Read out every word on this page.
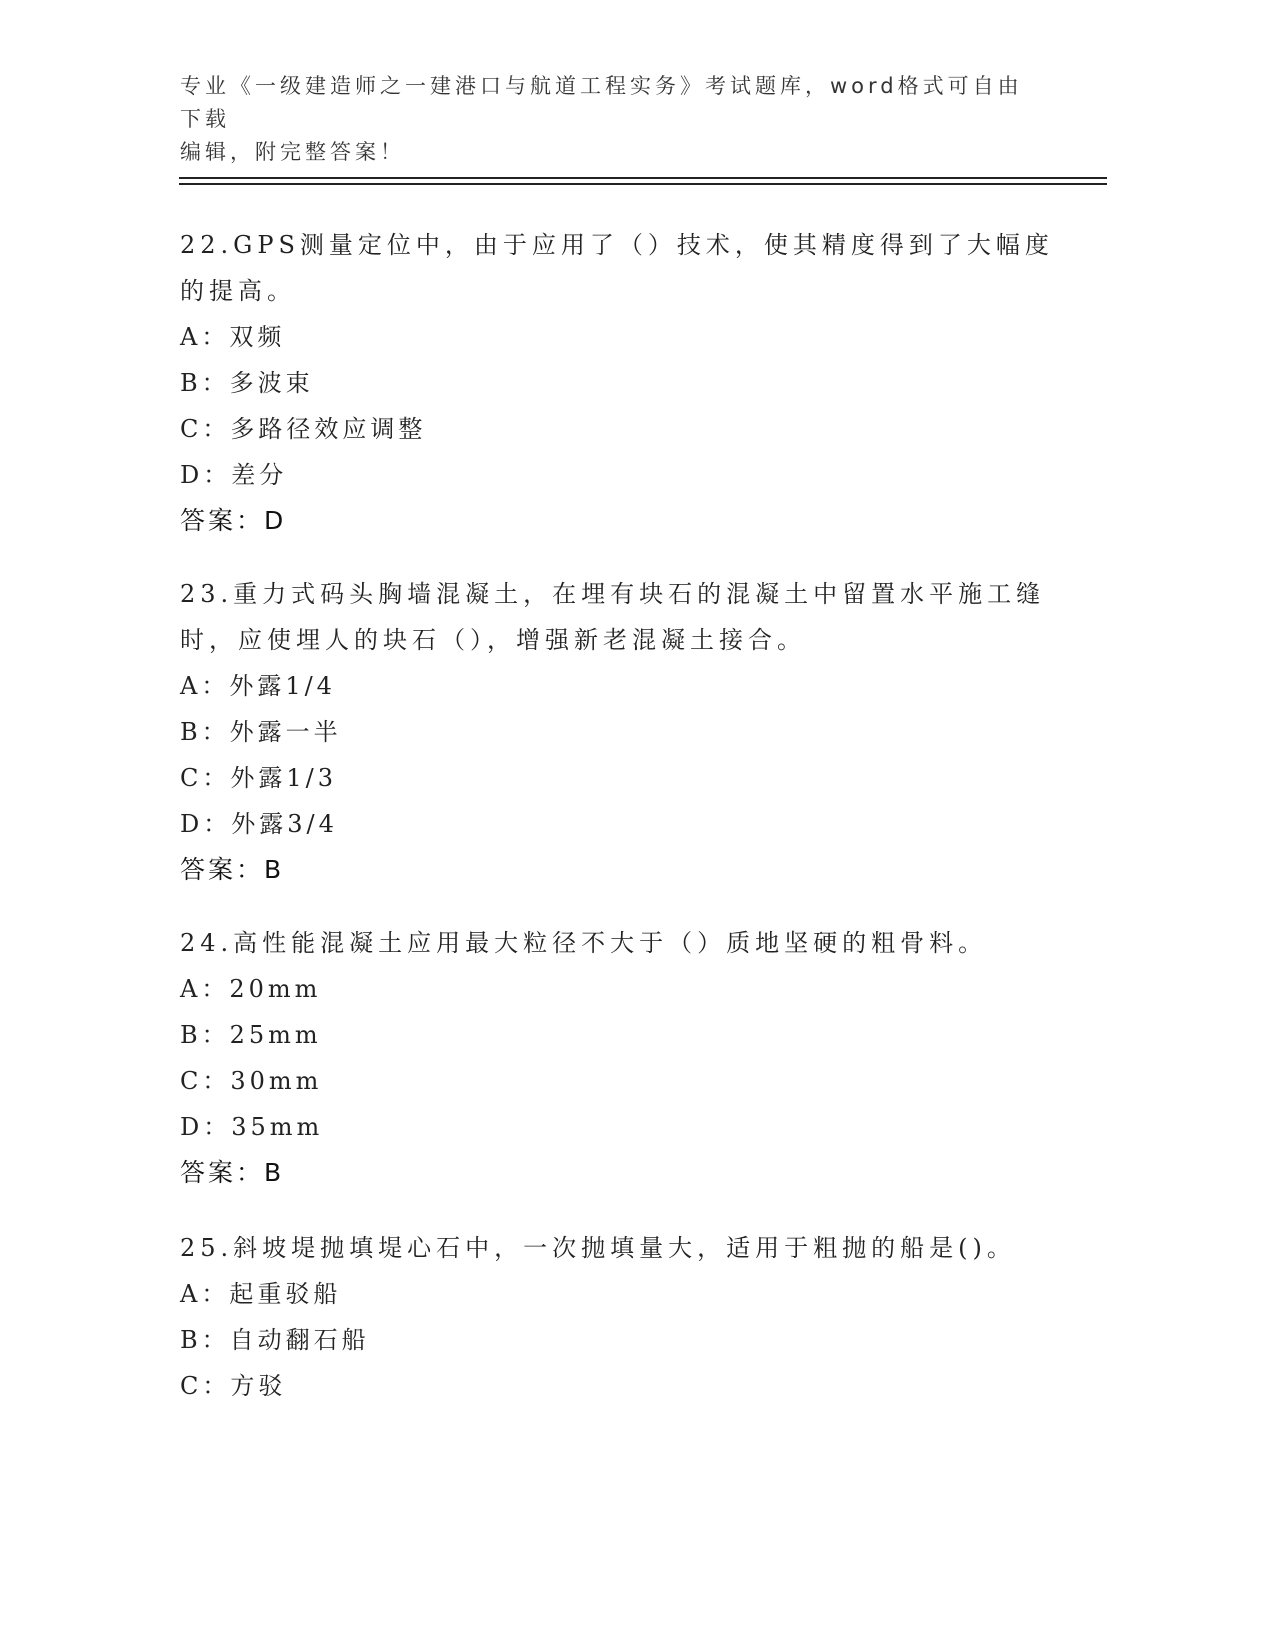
专业《一级建造师之一建港口与航道工程实务》考试题库，word格式可自由下载
编辑，附完整答案！
22.GPS测量定位中，由于应用了（）技术，使其精度得到了大幅度的提高。
A：双频
B：多波束
C：多路径效应调整
D：差分
答案：D
23.重力式码头胸墙混凝土，在埋有块石的混凝土中留置水平施工缝时，应使埋人的块石（），增强新老混凝土接合。
A：外露1/4
B：外露一半
C：外露1/3
D：外露3/4
答案：B
24.高性能混凝土应用最大粒径不大于（）质地坚硬的粗骨料。
A：20mm
B：25mm
C：30mm
D：35mm
答案：B
25.斜坡堤抛填堤心石中，一次抛填量大，适用于粗抛的船是()。
A：起重驳船
B：自动翻石船
C：方驳
